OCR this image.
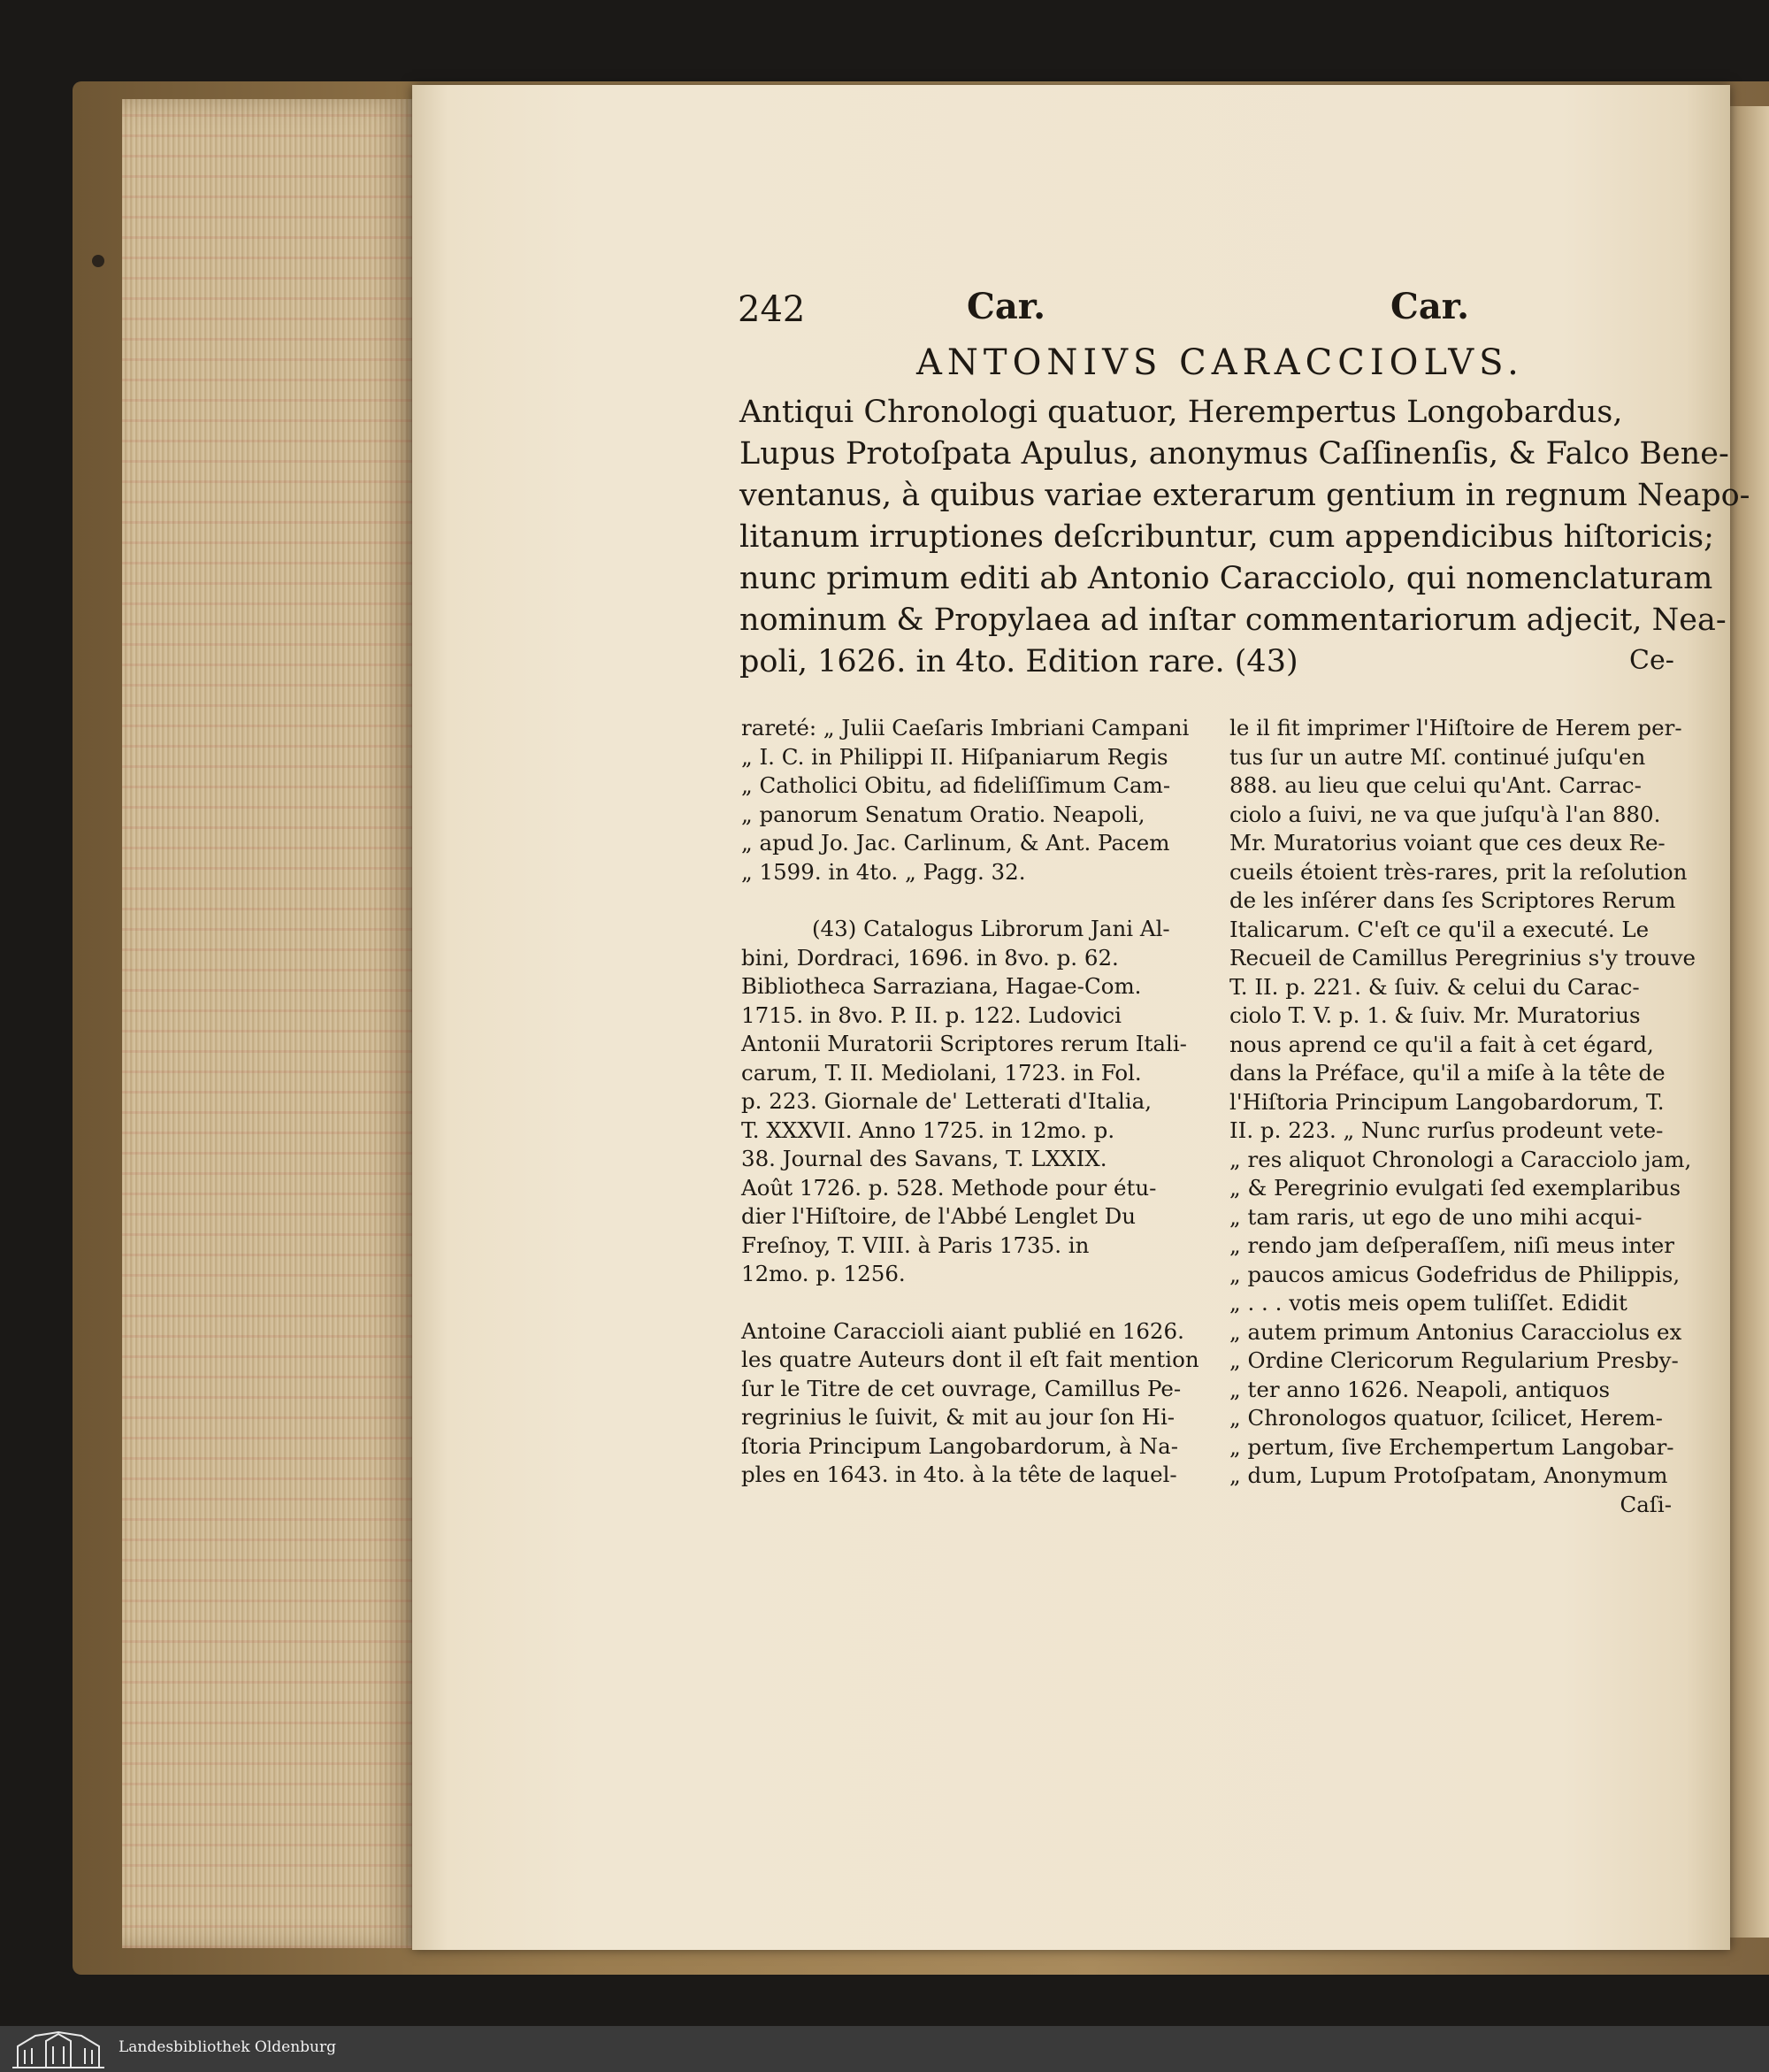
242	Car.	Car.
ANTONIVS CARACCIOLVS.
Antiqui Chronologi quatuor, Herempertus Longobardus,
Lupus Protoſpata Apulus, anonymus Caſſinenſis, & Falco Bene-
ventanus, à quibus variae exterarum gentium in regnum Neapo-
litanum irruptiones deſcribuntur, cum appendicibus hiſtoricis;
nunc primum editi ab Antonio Caracciolo, qui nomenclaturam
nominum & Propylaea ad inſtar commentariorum adjecit, Nea-
poli, 1626. in 4to. Edition rare. (43)	Ce-
rareté: „ Julii Caeſaris Imbriani Campani
„ I. C. in Philippi II. Hiſpaniarum Regis
„ Catholici Obitu, ad fideliſſimum Cam-
„ panorum Senatum Oratio. Neapoli,
„ apud Jo. Jac. Carlinum, & Ant. Pacem
„ 1599. in 4to. „ Pagg. 32.
(43) Catalogus Librorum Jani Al-
bini, Dordraci, 1696. in 8vo. p. 62.
Bibliotheca Sarraziana, Hagae-Com.
1715. in 8vo. P. II. p. 122. Ludovici
Antonii Muratorii Scriptores rerum Itali-
carum, T. II. Mediolani, 1723. in Fol.
p. 223. Giornale de' Letterati d'Italia,
T. XXXVII. Anno 1725. in 12mo. p.
38. Journal des Savans, T. LXXIX.
Août 1726. p. 528. Methode pour étu-
dier l'Hiſtoire, de l'Abbé Lenglet Du
Freſnoy, T. VIII. à Paris 1735. in
12mo. p. 1256.
Antoine Caraccioli aiant publié en 1626.
les quatre Auteurs dont il eſt fait mention
ſur le Titre de cet ouvrage, Camillus Pe-
regrinius le ſuivit, & mit au jour ſon Hi-
ſtoria Principum Langobardorum, à Na-
ples en 1643. in 4to. à la tête de laquel-
le il fit imprimer l'Hiſtoire de Herem per-
tus ſur un autre Mſ. continué juſqu'en
888. au lieu que celui qu'Ant. Carrac-
ciolo a ſuivi, ne va que juſqu'à l'an 880.
Mr. Muratorius voiant que ces deux Re-
cueils étoient très-rares, prit la reſolution
de les inſérer dans ſes Scriptores Rerum
Italicarum. C'eſt ce qu'il a executé. Le
Recueil de Camillus Peregrinius s'y trouve
T. II. p. 221. & ſuiv. & celui du Carac-
ciolo T. V. p. 1. & ſuiv. Mr. Muratorius
nous aprend ce qu'il a fait à cet égard,
dans la Préface, qu'il a miſe à la tête de
l'Hiſtoria Principum Langobardorum, T.
II. p. 223. „ Nunc rurſus prodeunt vete-
„ res aliquot Chronologi a Caracciolo jam,
„ & Peregrinio evulgati ſed exemplaribus
„ tam raris, ut ego de uno mihi acqui-
„ rendo jam deſperaſſem, niſi meus inter
„ paucos amicus Godefridus de Philippis,
„ . . . votis meis opem tuliſſet. Edidit
„ autem primum Antonius Caracciolus ex
„ Ordine Clericorum Regularium Presby-
„ ter anno 1626. Neapoli, antiquos
„ Chronologos quatuor, ſcilicet, Herem-
„ pertum, ſive Erchempertum Langobar-
„ dum, Lupum Protoſpatam, Anonymum
Caſi-
Landesbibliothek Oldenburg
